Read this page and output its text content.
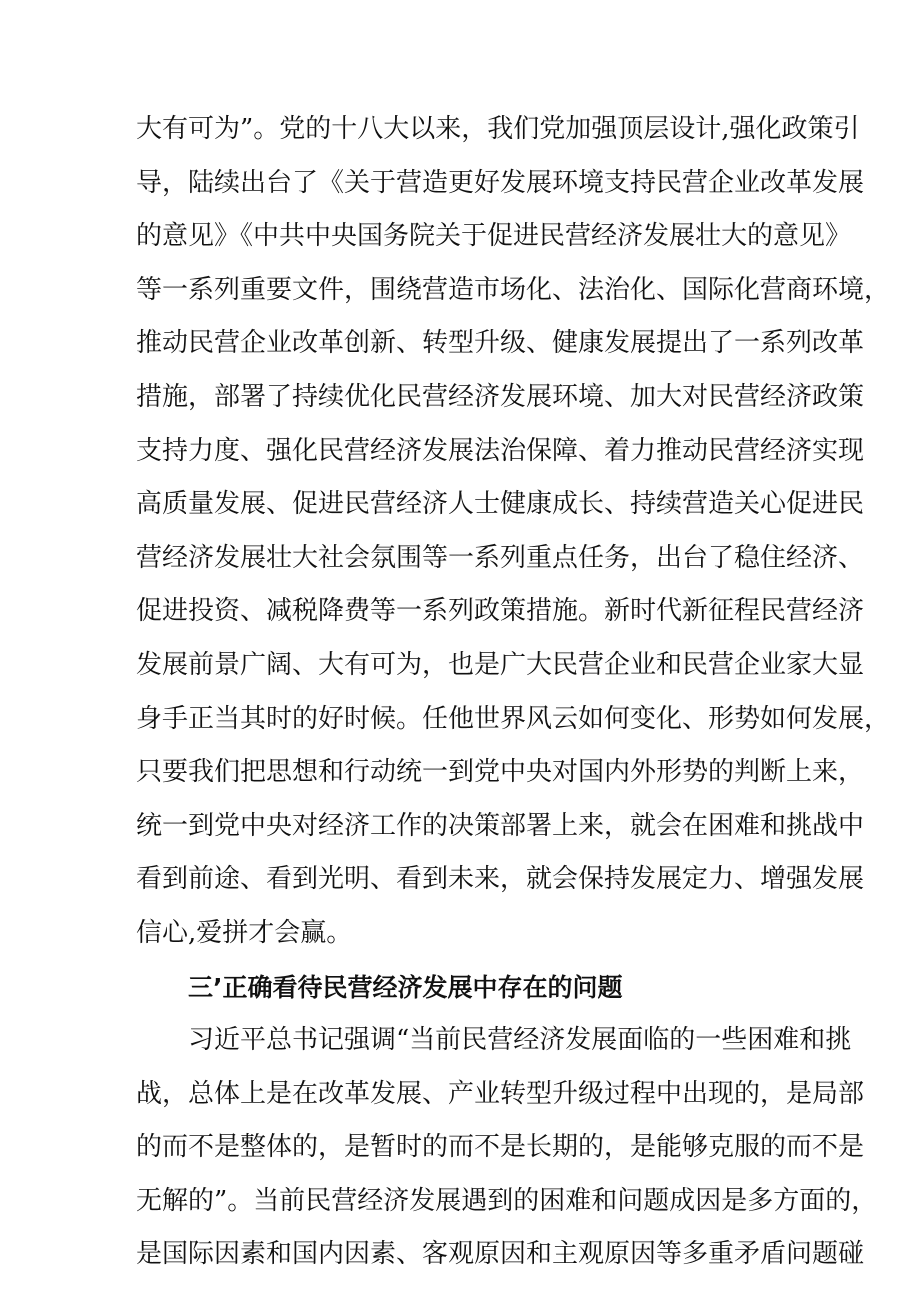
大有可为”。党的十八大以来，我们党加强顶层设计,强化政策引
导，陆续出台了《关于营造更好发展环境支持民营企业改革发展
的意见》《中共中央国务院关于促进民营经济发展壮大的意见》
等一系列重要文件，围绕营造市场化、法治化、国际化营商环境，
推动民营企业改革创新、转型升级、健康发展提出了一系列改革
措施，部署了持续优化民营经济发展环境、加大对民营经济政策
支持力度、强化民营经济发展法治保障、着力推动民营经济实现
高质量发展、促进民营经济人士健康成长、持续营造关心促进民
营经济发展壮大社会氛围等一系列重点任务，出台了稳住经济、
促进投资、减税降费等一系列政策措施。新时代新征程民营经济
发展前景广阔、大有可为，也是广大民营企业和民营企业家大显
身手正当其时的好时候。任他世界风云如何变化、形势如何发展，
只要我们把思想和行动统一到党中央对国内外形势的判断上来，
统一到党中央对经济工作的决策部署上来，就会在困难和挑战中
看到前途、看到光明、看到未来，就会保持发展定力、增强发展
信心,爱拼才会赢。
三’正确看待民营经济发展中存在的问题
习近平总书记强调“当前民营经济发展面临的一些困难和挑
战，总体上是在改革发展、产业转型升级过程中出现的，是局部
的而不是整体的，是暂时的而不是长期的，是能够克服的而不是
无解的”。当前民营经济发展遇到的困难和问题成因是多方面的，
是国际因素和国内因素、客观原因和主观原因等多重矛盾问题碰
